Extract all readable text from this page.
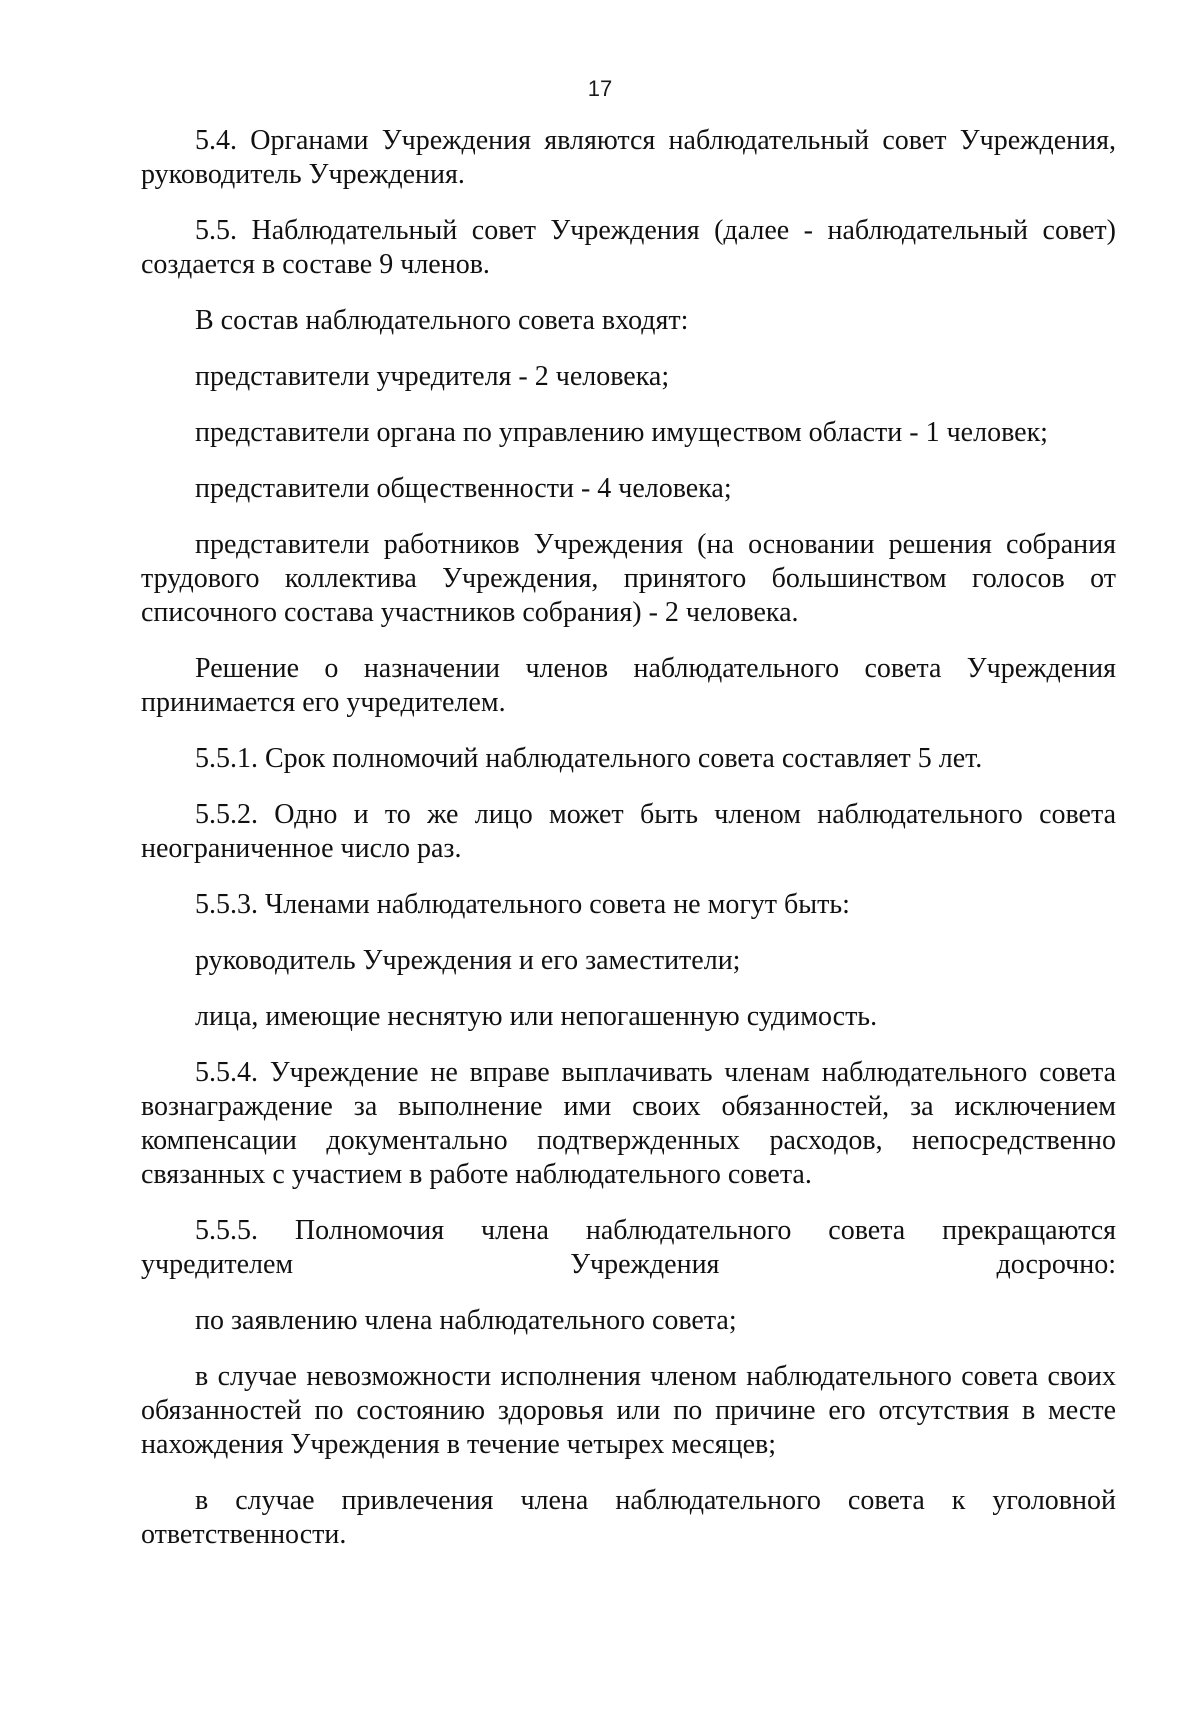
17

5.4. Органами Учреждения являются наблюдательный совет Учреждения, руководитель Учреждения.

5.5. Наблюдательный совет Учреждения (далее - наблюдательный совет) создается в составе 9 членов.

В состав наблюдательного совета входят:

представители учредителя - 2 человека;

представители органа по управлению имуществом области - 1 человек;

представители общественности - 4 человека;

представители работников Учреждения (на основании решения собрания трудового коллектива Учреждения, принятого большинством голосов от списочного состава участников собрания) - 2 человека.

Решение о назначении членов наблюдательного совета Учреждения принимается его учредителем.

5.5.1. Срок полномочий наблюдательного совета составляет 5 лет.

5.5.2. Одно и то же лицо может быть членом наблюдательного совета неограниченное число раз.

5.5.3. Членами наблюдательного совета не могут быть:

руководитель Учреждения и его заместители;

лица, имеющие неснятую или непогашенную судимость.

5.5.4. Учреждение не вправе выплачивать членам наблюдательного совета вознаграждение за выполнение ими своих обязанностей, за исключением компенсации документально подтвержденных расходов, непосредственно связанных с участием в работе наблюдательного совета.

5.5.5. Полномочия члена наблюдательного совета прекращаются учредителем Учреждения досрочно:

по заявлению члена наблюдательного совета;

в случае невозможности исполнения членом наблюдательного совета своих обязанностей по состоянию здоровья или по причине его отсутствия в месте нахождения Учреждения в течение четырех месяцев;

в случае привлечения члена наблюдательного совета к уголовной ответственности.
